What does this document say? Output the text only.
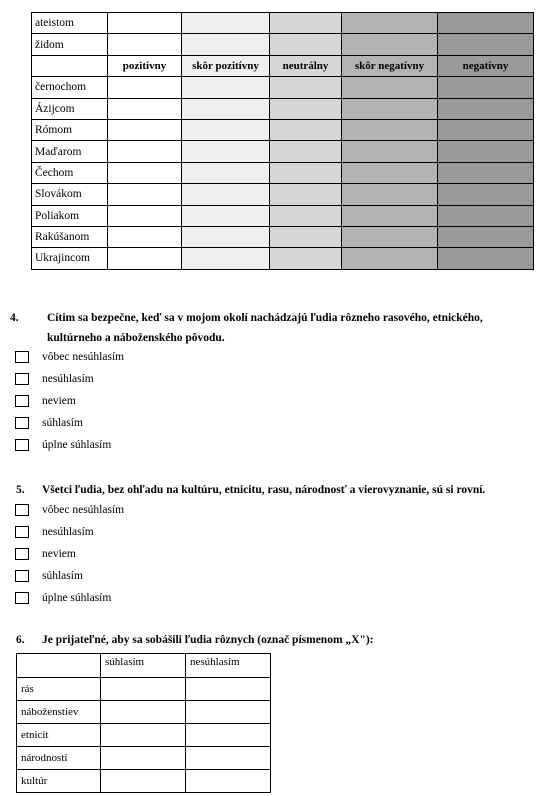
ateistom					
židom					
	pozitívny	skôr pozitívny	neutrálny	skôr negatívny	negatívny
černochom					
Ázijcom					
Rómom					
Maďarom					
Čechom					
Slovákom					
Poliakom					
Rakúšanom					
Ukrajincom					
4. Cítim sa bezpečne, keď sa v mojom okolí nachádzajú ľudia rôzneho rasového, etnického,
kultúrneho a náboženského pôvodu.
vôbec nesúhlasím
nesúhlasím
neviem
súhlasím
úplne súhlasím
5. Všetci ľudia, bez ohľadu na kultúru, etnicitu, rasu, národnosť a vierovyznanie, sú si rovní.
vôbec nesúhlasím
nesúhlasím
neviem
súhlasím
úplne súhlasím
6. Je prijateľné, aby sa sobášili ľudia rôznych (označ písmenom „X"):
	súhlasím	nesúhlasím
rás		
náboženstiev		
etnicít		
národností		
kultúr		
